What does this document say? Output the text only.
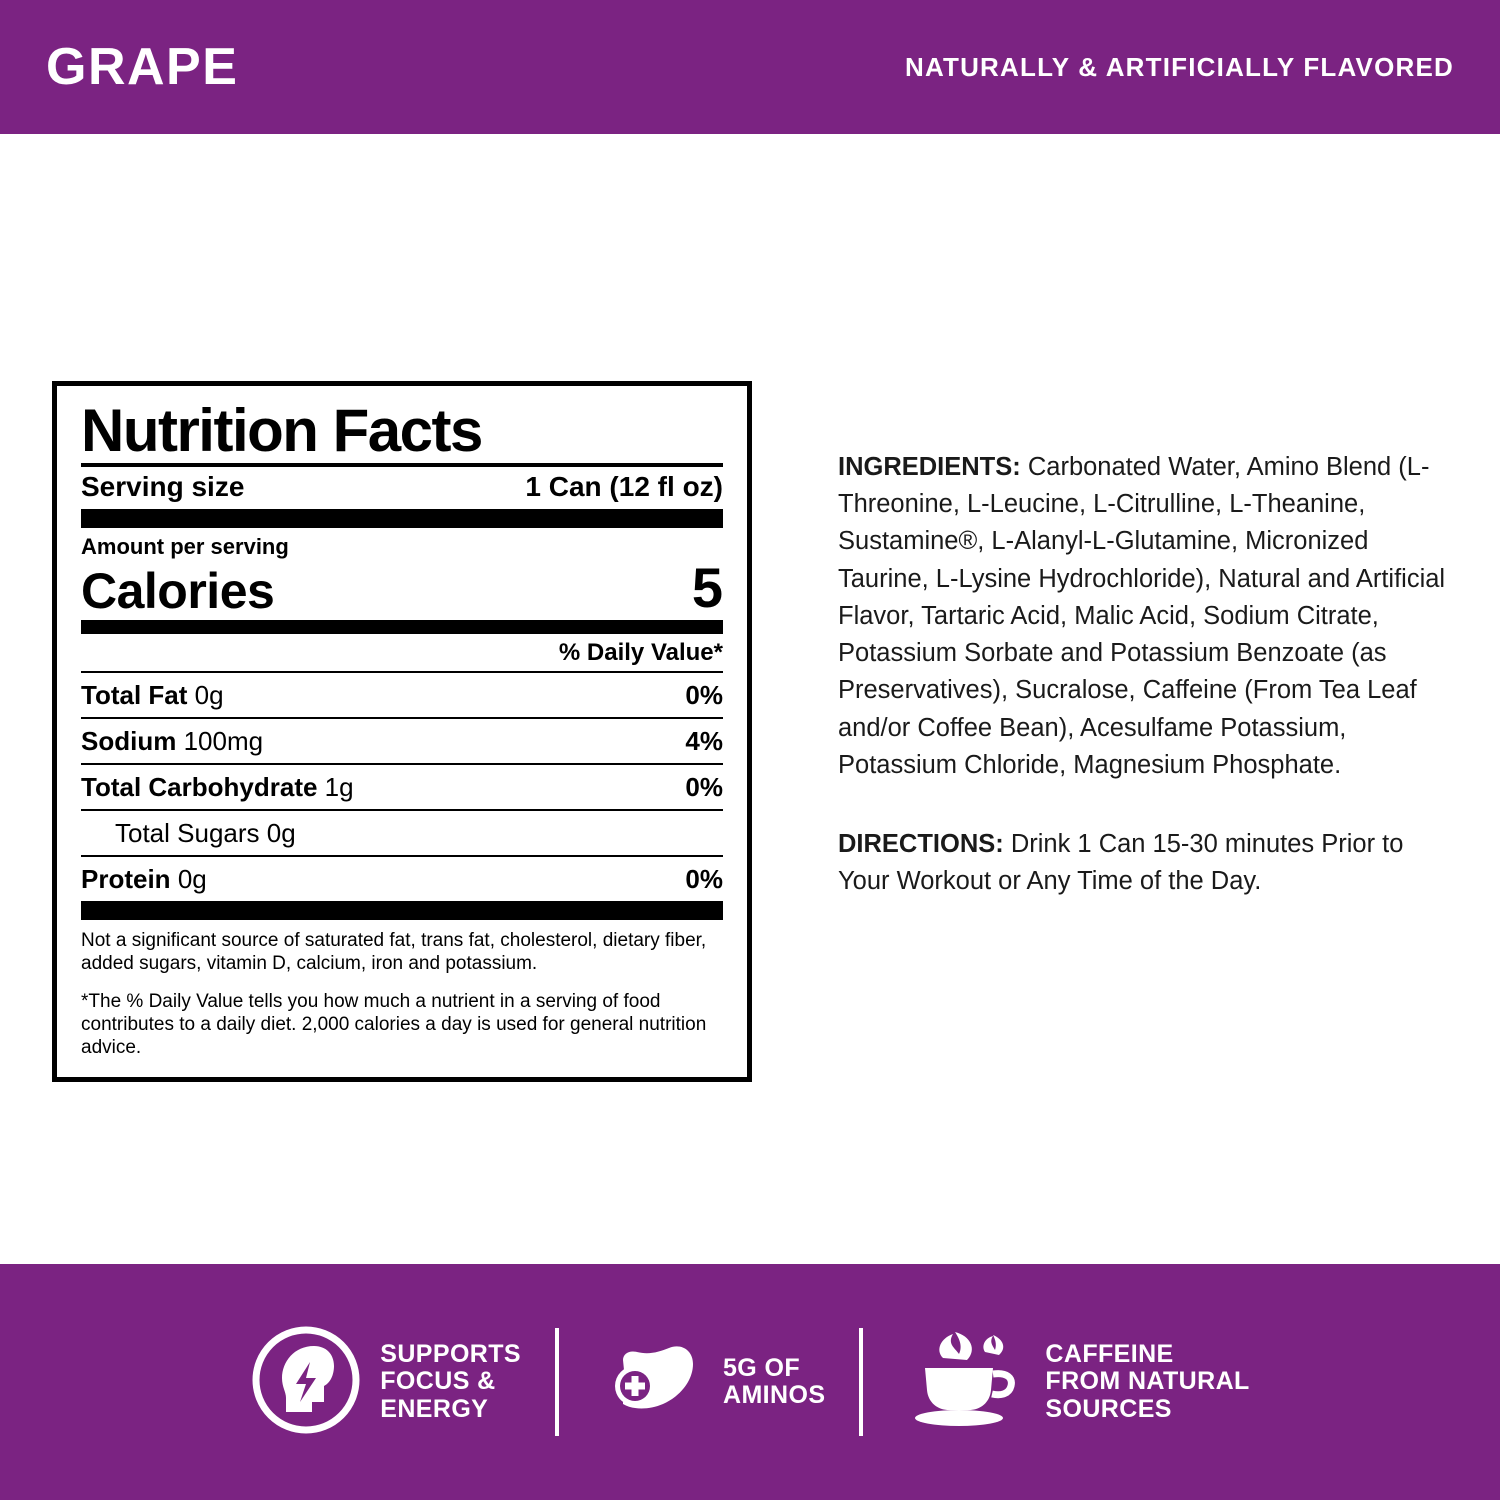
GRAPE	NATURALLY & ARTIFICIALLY FLAVORED
Nutrition Facts
Serving size	1 Can (12 fl oz)
Amount per serving
Calories	5
% Daily Value*
Total Fat 0g	0%
Sodium 100mg	4%
Total Carbohydrate 1g	0%
Total Sugars 0g
Protein 0g	0%
Not a significant source of saturated fat, trans fat, cholesterol, dietary fiber, added sugars, vitamin D, calcium, iron and potassium.
*The % Daily Value tells you how much a nutrient in a serving of food contributes to a daily diet. 2,000 calories a day is used for general nutrition advice.
INGREDIENTS: Carbonated Water, Amino Blend (L-Threonine, L-Leucine, L-Citrulline, L-Theanine, Sustamine®, L-Alanyl-L-Glutamine, Micronized Taurine, L-Lysine Hydrochloride), Natural and Artificial Flavor, Tartaric Acid, Malic Acid, Sodium Citrate, Potassium Sorbate and Potassium Benzoate (as Preservatives), Sucralose, Caffeine (From Tea Leaf and/or Coffee Bean), Acesulfame Potassium, Potassium Chloride, Magnesium Phosphate.
DIRECTIONS: Drink 1 Can 15-30 minutes Prior to Your Workout or Any Time of the Day.
SUPPORTS
FOCUS &
ENERGY
5G OF
AMINOS
CAFFEINE
FROM NATURAL
SOURCES
